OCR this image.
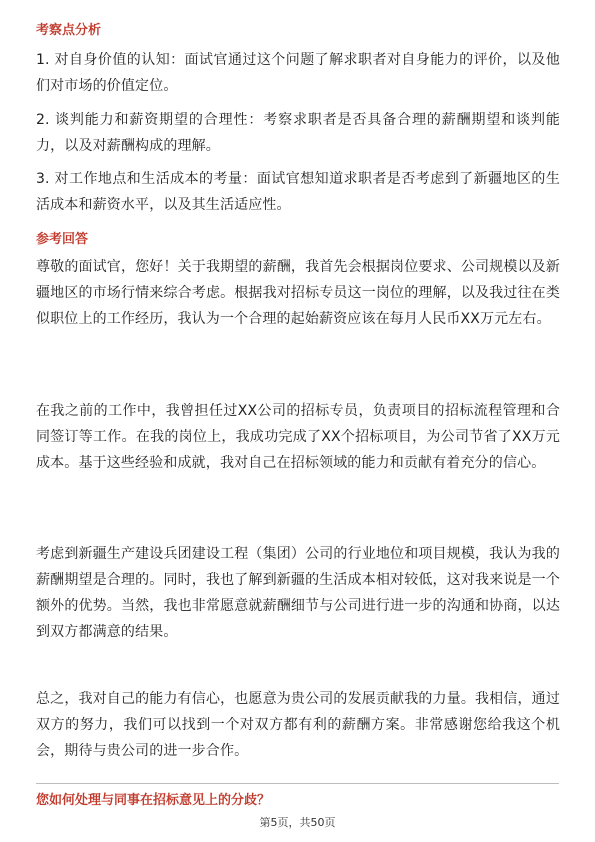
考察点分析
1. 对自身价值的认知：面试官通过这个问题了解求职者对自身能力的评价，以及他们对市场的价值定位。
2. 谈判能力和薪资期望的合理性：考察求职者是否具备合理的薪酬期望和谈判能力，以及对薪酬构成的理解。
3. 对工作地点和生活成本的考量：面试官想知道求职者是否考虑到了新疆地区的生活成本和薪资水平，以及其生活适应性。
参考回答
尊敬的面试官，您好！关于我期望的薪酬，我首先会根据岗位要求、公司规模以及新疆地区的市场行情来综合考虑。根据我对招标专员这一岗位的理解，以及我过往在类似职位上的工作经历，我认为一个合理的起始薪资应该在每月人民币XX万元左右。
在我之前的工作中，我曾担任过XX公司的招标专员，负责项目的招标流程管理和合同签订等工作。在我的岗位上，我成功完成了XX个招标项目，为公司节省了XX万元成本。基于这些经验和成就，我对自己在招标领域的能力和贡献有着充分的信心。
考虑到新疆生产建设兵团建设工程（集团）公司的行业地位和项目规模，我认为我的薪酬期望是合理的。同时，我也了解到新疆的生活成本相对较低，这对我来说是一个额外的优势。当然，我也非常愿意就薪酬细节与公司进行进一步的沟通和协商，以达到双方都满意的结果。
总之，我对自己的能力有信心，也愿意为贵公司的发展贡献我的力量。我相信，通过双方的努力，我们可以找到一个对双方都有利的薪酬方案。非常感谢您给我这个机会，期待与贵公司的进一步合作。
您如何处理与同事在招标意见上的分歧？
第5页，共50页
